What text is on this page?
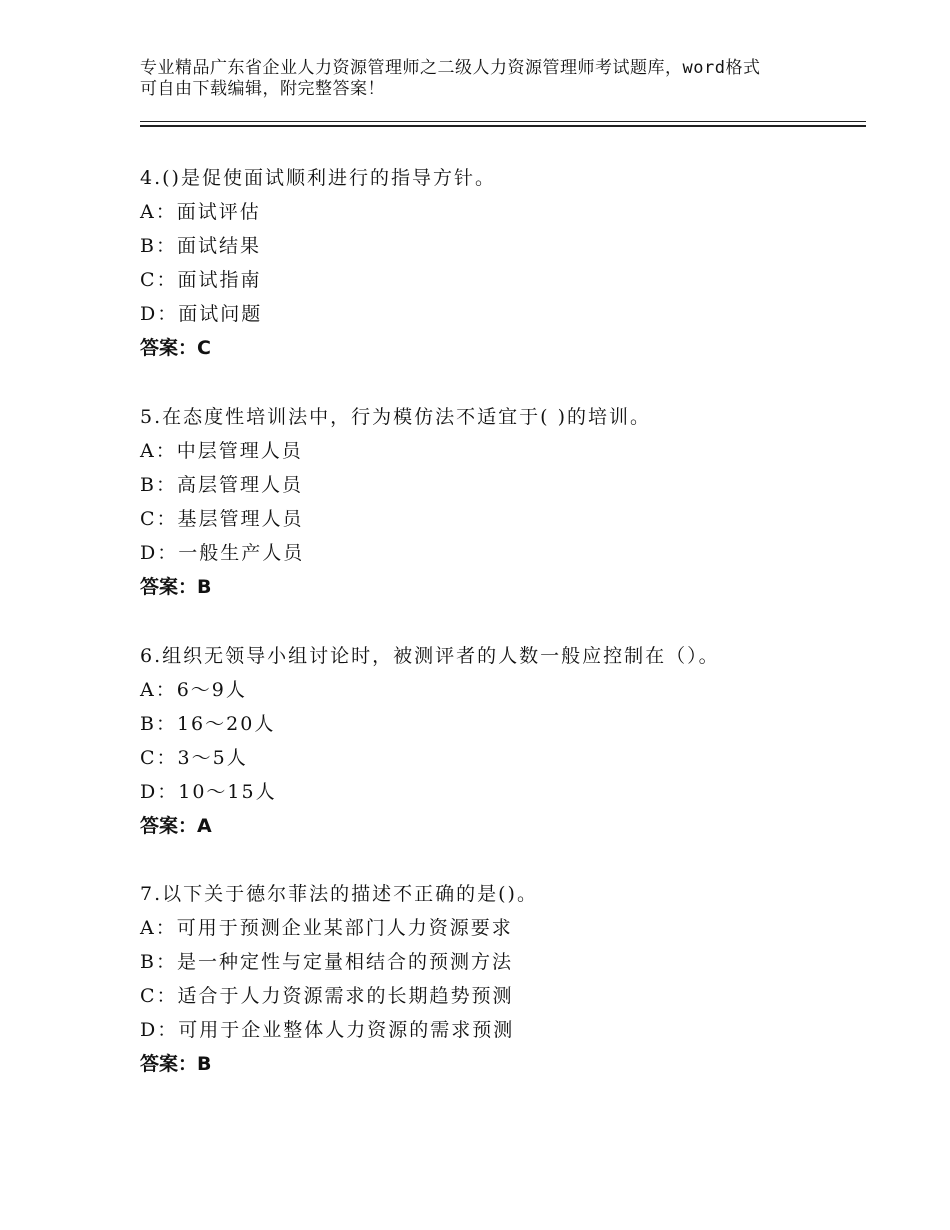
专业精品广东省企业人力资源管理师之二级人力资源管理师考试题库，word格式
可自由下载编辑，附完整答案！
4.()是促使面试顺利进行的指导方针。
A：面试评估
B：面试结果
C：面试指南
D：面试问题
答案：C
5.在态度性培训法中，行为模仿法不适宜于( )的培训。
A：中层管理人员
B：高层管理人员
C：基层管理人员
D：一般生产人员
答案：B
6.组织无领导小组讨论时，被测评者的人数一般应控制在（）。
A：6～9人
B：16～20人
C：3～5人
D：10～15人
答案：A
7.以下关于德尔菲法的描述不正确的是()。
A：可用于预测企业某部门人力资源要求
B：是一种定性与定量相结合的预测方法
C：适合于人力资源需求的长期趋势预测
D：可用于企业整体人力资源的需求预测
答案：B
